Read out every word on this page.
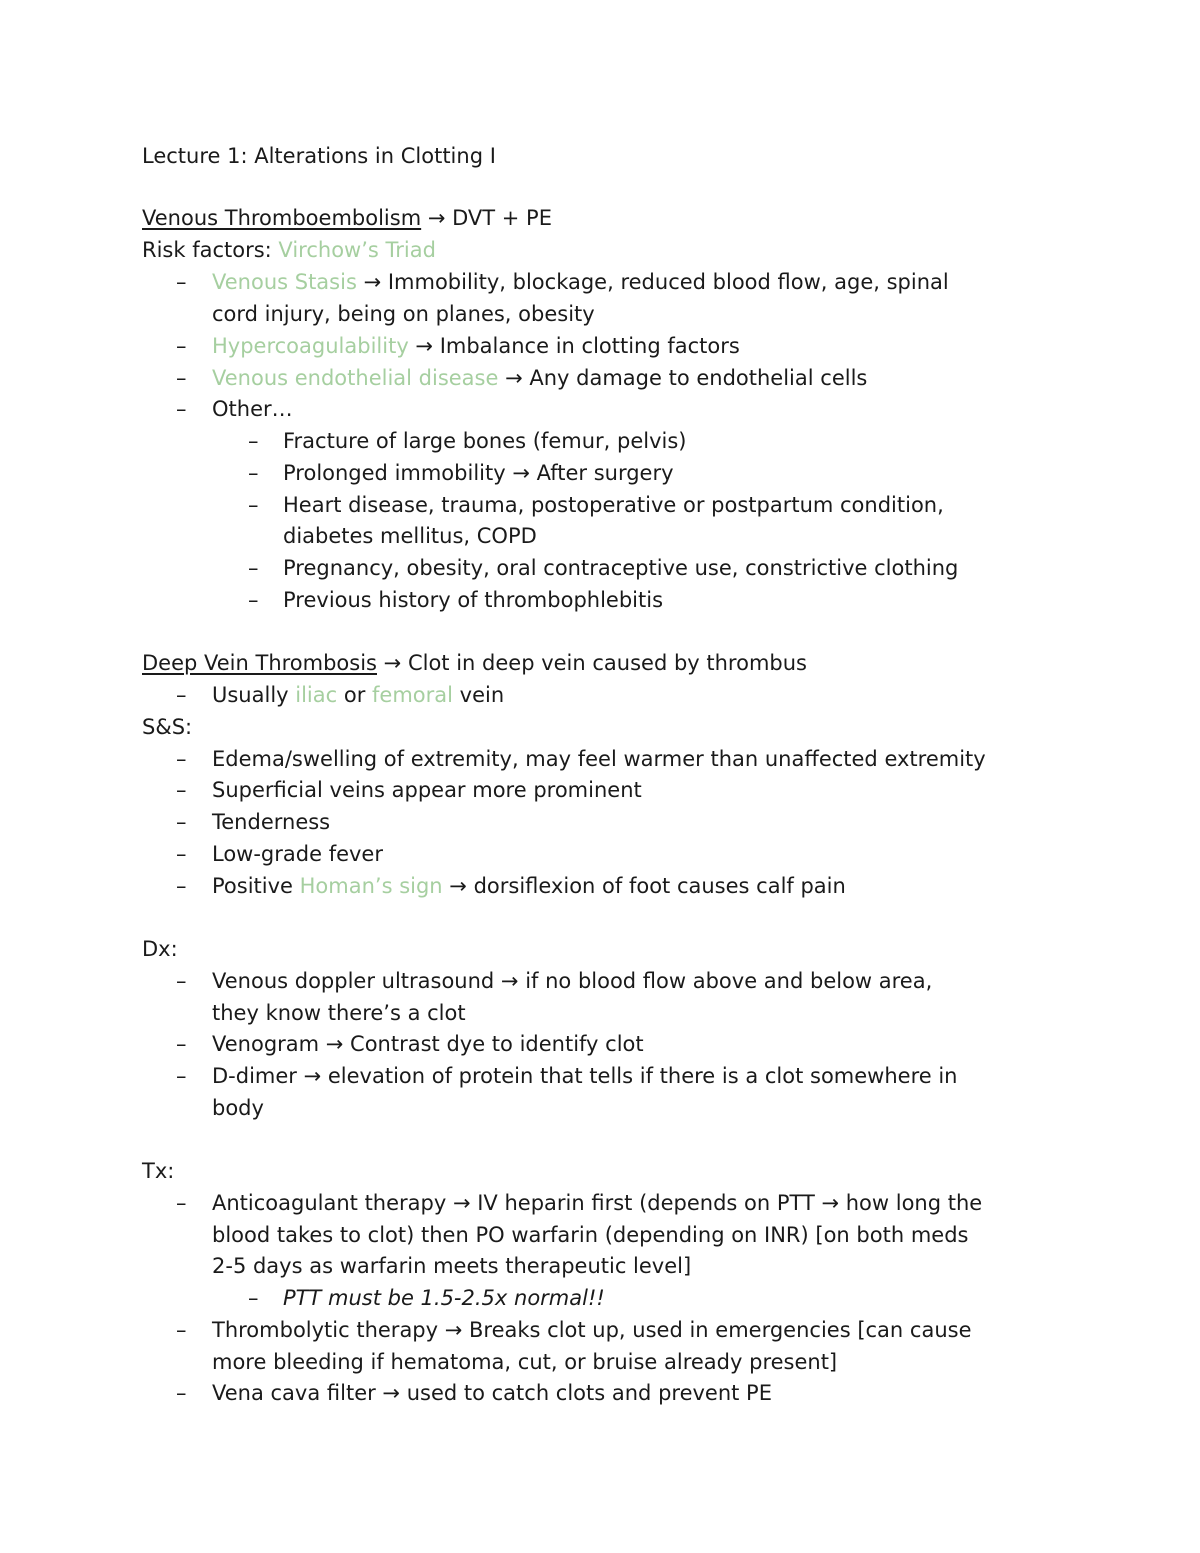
Lecture 1: Alterations in Clotting I
Venous Thromboembolism → DVT + PE
Risk factors: Virchow’s Triad
– Venous Stasis → Immobility, blockage, reduced blood flow, age, spinal
cord injury, being on planes, obesity
– Hypercoagulability → Imbalance in clotting factors
– Venous endothelial disease → Any damage to endothelial cells
– Other…
– Fracture of large bones (femur, pelvis)
– Prolonged immobility → After surgery
– Heart disease, trauma, postoperative or postpartum condition,
diabetes mellitus, COPD
– Pregnancy, obesity, oral contraceptive use, constrictive clothing
– Previous history of thrombophlebitis
Deep Vein Thrombosis → Clot in deep vein caused by thrombus
– Usually iliac or femoral vein
S&S:
– Edema/swelling of extremity, may feel warmer than unaffected extremity
– Superficial veins appear more prominent
– Tenderness
– Low-grade fever
– Positive Homan’s sign → dorsiflexion of foot causes calf pain
Dx:
– Venous doppler ultrasound → if no blood flow above and below area,
they know there’s a clot
– Venogram → Contrast dye to identify clot
– D-dimer → elevation of protein that tells if there is a clot somewhere in
body
Tx:
– Anticoagulant therapy → IV heparin first (depends on PTT → how long the
blood takes to clot) then PO warfarin (depending on INR) [on both meds
2-5 days as warfarin meets therapeutic level]
– PTT must be 1.5-2.5x normal!!
– Thrombolytic therapy → Breaks clot up, used in emergencies [can cause
more bleeding if hematoma, cut, or bruise already present]
– Vena cava filter → used to catch clots and prevent PE
